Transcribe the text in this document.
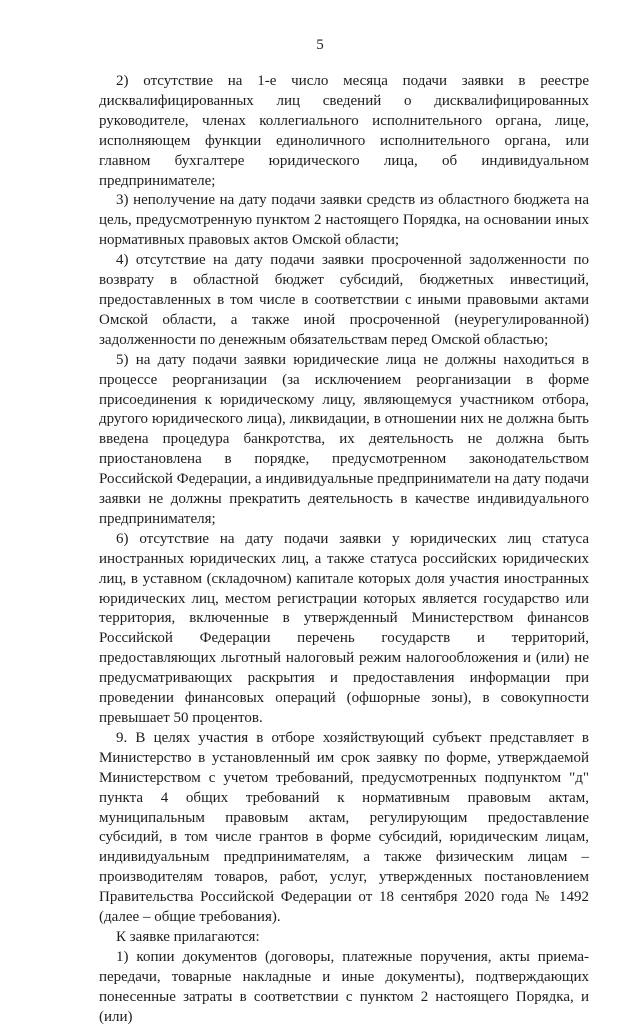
5

2) отсутствие на 1-е число месяца подачи заявки в реестре дисквалифицированных лиц сведений о дисквалифицированных руководителе, членах коллегиального исполнительного органа, лице, исполняющем функции единоличного исполнительного органа, или главном бухгалтере юридического лица, об индивидуальном предпринимателе;

3) неполучение на дату подачи заявки средств из областного бюджета на цель, предусмотренную пунктом 2 настоящего Порядка, на основании иных нормативных правовых актов Омской области;

4) отсутствие на дату подачи заявки просроченной задолженности по возврату в областной бюджет субсидий, бюджетных инвестиций, предоставленных в том числе в соответствии с иными правовыми актами Омской области, а также иной просроченной (неурегулированной) задолженности по денежным обязательствам перед Омской областью;

5) на дату подачи заявки юридические лица не должны находиться в процессе реорганизации (за исключением реорганизации в форме присоединения к юридическому лицу, являющемуся участником отбора, другого юридического лица), ликвидации, в отношении них не должна быть введена процедура банкротства, их деятельность не должна быть приостановлена в порядке, предусмотренном законодательством Российской Федерации, а индивидуальные предприниматели на дату подачи заявки не должны прекратить деятельность в качестве индивидуального предпринимателя;

6) отсутствие на дату подачи заявки у юридических лиц статуса иностранных юридических лиц, а также статуса российских юридических лиц, в уставном (складочном) капитале которых доля участия иностранных юридических лиц, местом регистрации которых является государство или территория, включенные в утвержденный Министерством финансов Российской Федерации перечень государств и территорий, предоставляющих льготный налоговый режим налогообложения и (или) не предусматривающих раскрытия и предоставления информации при проведении финансовых операций (офшорные зоны), в совокупности превышает 50 процентов.

9. В целях участия в отборе хозяйствующий субъект представляет в Министерство в установленный им срок заявку по форме, утверждаемой Министерством с учетом требований, предусмотренных подпунктом "д" пункта 4 общих требований к нормативным правовым актам, муниципальным правовым актам, регулирующим предоставление субсидий, в том числе грантов в форме субсидий, юридическим лицам, индивидуальным предпринимателям, а также физическим лицам – производителям товаров, работ, услуг, утвержденных постановлением Правительства Российской Федерации от 18 сентября 2020 года № 1492 (далее – общие требования).

К заявке прилагаются:

1) копии документов (договоры, платежные поручения, акты приема-передачи, товарные накладные и иные документы), подтверждающих понесенные затраты в соответствии с пунктом 2 настоящего Порядка, и (или)
